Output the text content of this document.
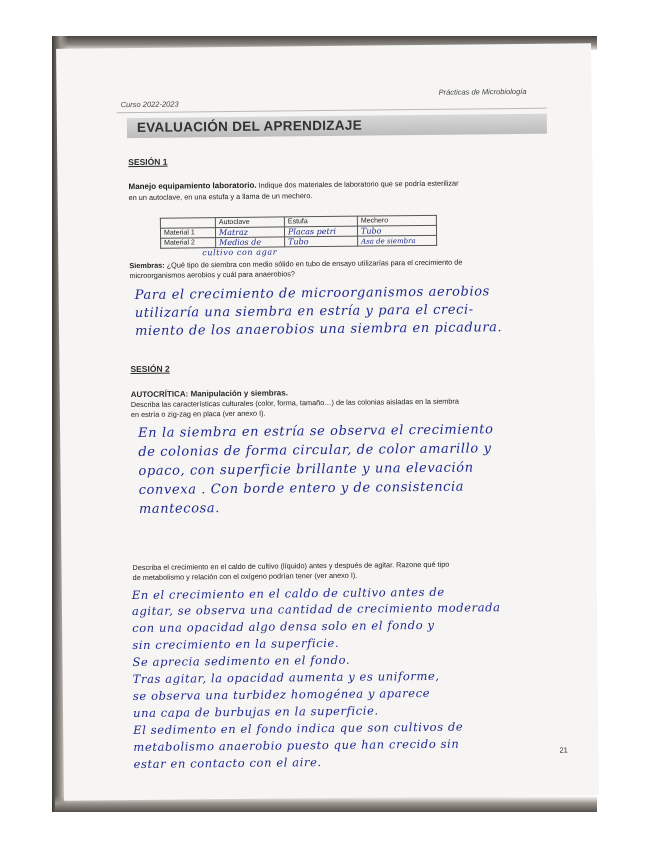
Curso 2022-2023
Prácticas de Microbiología
EVALUACIÓN DEL APRENDIZAJE
SESIÓN 1
Manejo equipamiento laboratorio. Indique dos materiales de laboratorio que se podría esterilizar
en un autoclave, en una estufa y a llama de un mechero.
	Autoclave	Estufa	Mechero
Material 1	Matraz	Placas petri	Tubo
Material 2	Medios de	Tubo	Asa de siembra
cultivo con agar
Siembras: ¿Qué tipo de siembra con medio sólido en tubo de ensayo utilizarías para el crecimiento de
microorganismos aerobios y cuál para anaerobios?
Para el crecimiento de microorganismos aerobios
utilizaría una siembra en estría y para el creci-
miento de los anaerobios una siembra en picadura.
SESIÓN 2
AUTOCRÍTICA: Manipulación y siembras.
Describa las características culturales (color, forma, tamaño…) de las colonias aisladas en la siembra
en estría o zig-zag en placa (ver anexo I).
En la siembra en estría se observa el crecimiento
de colonias de forma circular, de color amarillo y
opaco, con superficie brillante y una elevación
convexa . Con borde entero y de consistencia
mantecosa.
Describa el crecimiento en el caldo de cultivo (líquido) antes y después de agitar. Razone qué tipo
de metabolismo y relación con el oxígeno podrían tener (ver anexo I).
En el crecimiento en el caldo de cultivo antes de
agitar, se observa una cantidad de crecimiento moderada
con una opacidad algo densa solo en el fondo y
sin crecimiento en la superficie.
Se aprecia sedimento en el fondo.
Tras agitar, la opacidad aumenta y es uniforme,
se observa una turbidez homogénea y aparece
una capa de burbujas en la superficie.
El sedimento en el fondo indica que son cultivos de
metabolismo anaerobio puesto que han crecido sin
estar en contacto con el aire.
21
